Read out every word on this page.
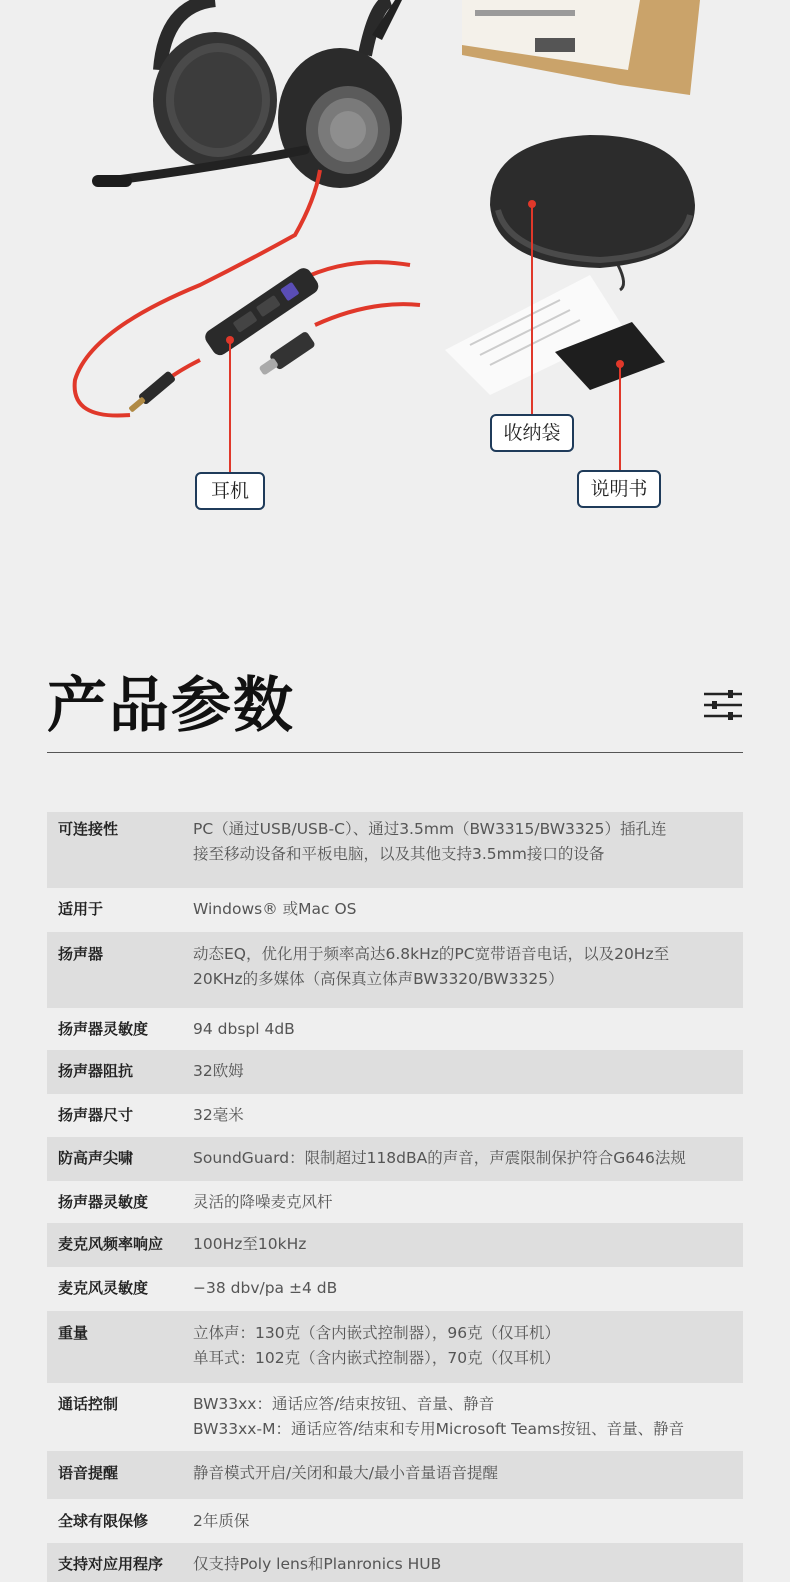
耳机
收纳袋
说明书
产品参数
可连接性	PC（通过USB/USB-C）、通过3.5mm（BW3315/BW3325）插孔连
接至移动设备和平板电脑，以及其他支持3.5mm接口的设备
适用于	Windows® 或Mac OS
扬声器	动态EQ，优化用于频率高达6.8kHz的PC宽带语音电话，以及20Hz至
20KHz的多媒体（高保真立体声BW3320/BW3325）
扬声器灵敏度	94 dbspl 4dB
扬声器阻抗	32欧姆
扬声器尺寸	32毫米
防高声尖啸	SoundGuard：限制超过118dBA的声音，声震限制保护符合G646法规
扬声器灵敏度	灵活的降噪麦克风杆
麦克风频率响应	100Hz至10kHz
麦克风灵敏度	−38 dbv/pa ±4 dB
重量	立体声：130克（含内嵌式控制器），96克（仅耳机）
单耳式：102克（含内嵌式控制器），70克（仅耳机）
通话控制	BW33xx：通话应答/结束按钮、音量、静音
BW33xx-M：通话应答/结束和专用Microsoft Teams按钮、音量、静音
语音提醒	静音模式开启/关闭和最大/最小音量语音提醒
全球有限保修	2年质保
支持对应用程序	仅支持Poly lens和Planronics HUB
